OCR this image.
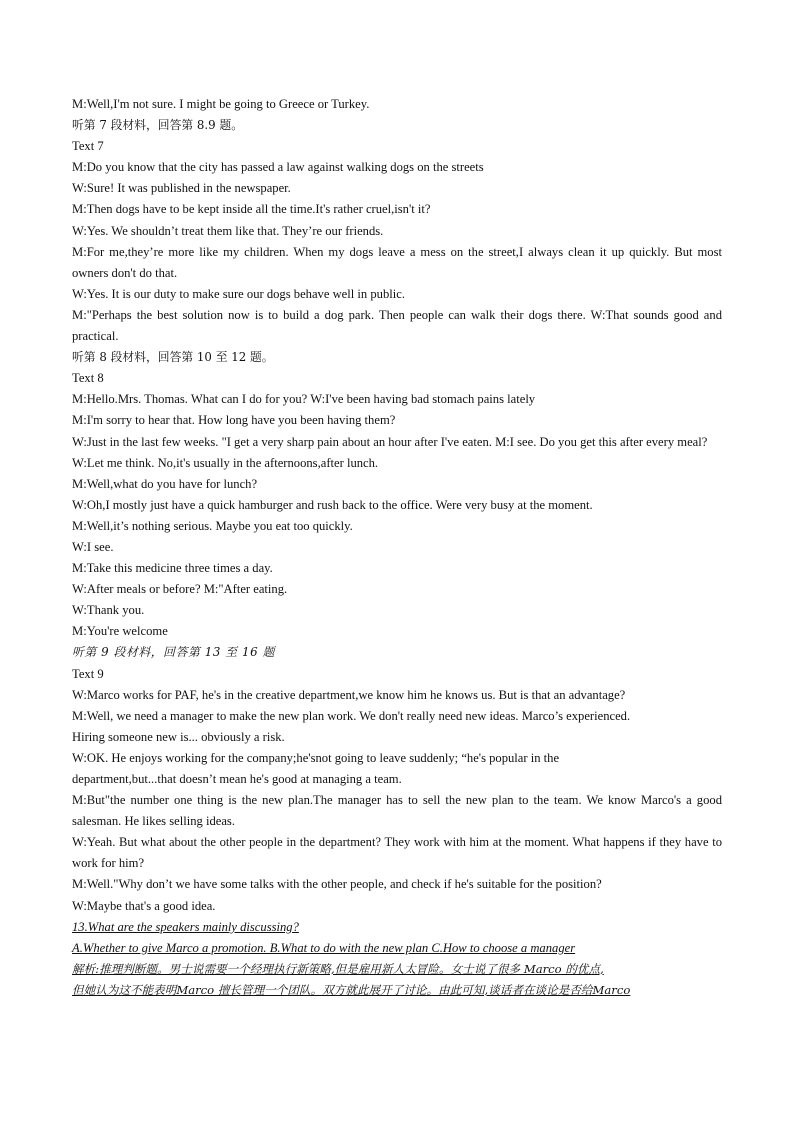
M:Well,I'm not sure. I might be going to Greece or Turkey.

听第 7 段材料，回答第 8.9 题。

Text 7

M:Do you know that the city has passed a law against walking dogs on the streets

W:Sure! It was published in the newspaper.

M:Then dogs have to be kept inside all the time.It's rather cruel,isn't it?

W:Yes. We shouldn’t treat them like that. They’re our friends.

M:For me,they’re more like my children. When my dogs leave a mess on the street,I always clean it up quickly. But most owners don't do that.

W:Yes. It is our duty to make sure our dogs behave well in public.

M:"Perhaps the best solution now is to build a dog park. Then people can walk their dogs there. W:That sounds good and practical.

听第 8 段材料，回答第 10 至 12 题。

Text 8

M:Hello.Mrs. Thomas. What can I do for you? W:I've been having bad stomach pains lately

M:I'm sorry to hear that. How long have you been having them?

W:Just in the last few weeks. "I get a very sharp pain about an hour after I've eaten. M:I see. Do you get this after every meal?

W:Let me think. No,it's usually in the afternoons,after lunch.

M:Well,what do you have for lunch?

W:Oh,I mostly just have a quick hamburger and rush back to the office. Were very busy at the moment.

M:Well,it’s nothing serious. Maybe you eat too quickly.

W:I see.

M:Take this medicine three times a day.

W:After meals or before? M:"After eating.

W:Thank you.

M:You're welcome

听第 9 段材料，回答第 13 至 16 题

Text 9

W:Marco works for PAF, he's in the creative department,we know him he knows us. But is that an advantage?

M:Well, we need a manager to make the new plan work. We don't really need new ideas. Marco’s experienced.

Hiring someone new is... obviously a risk.

W:OK. He enjoys working for the company;he'snot going to leave suddenly; “he's popular in the

department,but...that doesn’t mean he's good at managing a team.

M:But"the number one thing is the new plan.The manager has to sell the new plan to the team. We know Marco's a good salesman. He likes selling ideas.

W:Yeah. But what about the other people in the department? They work with him at the moment. What happens if they have to work for him?

M:Well."Why don’t we have some talks with the other people, and check if he's suitable for the position?

W:Maybe that's a good idea.

13.What are the speakers mainly discussing?

A.Whether to give Marco a promotion. B.What to do with the new plan C.How to choose a manager

解析:推理判断题。男士说需要一个经理执行新策略,但是雇用新人太冒险。女士说了很多 Marco 的优点,

但她认为这不能表明Marco 擅长管理一个团队。双方就此展开了讨论。由此可知,谈话者在谈论是否给Marco
